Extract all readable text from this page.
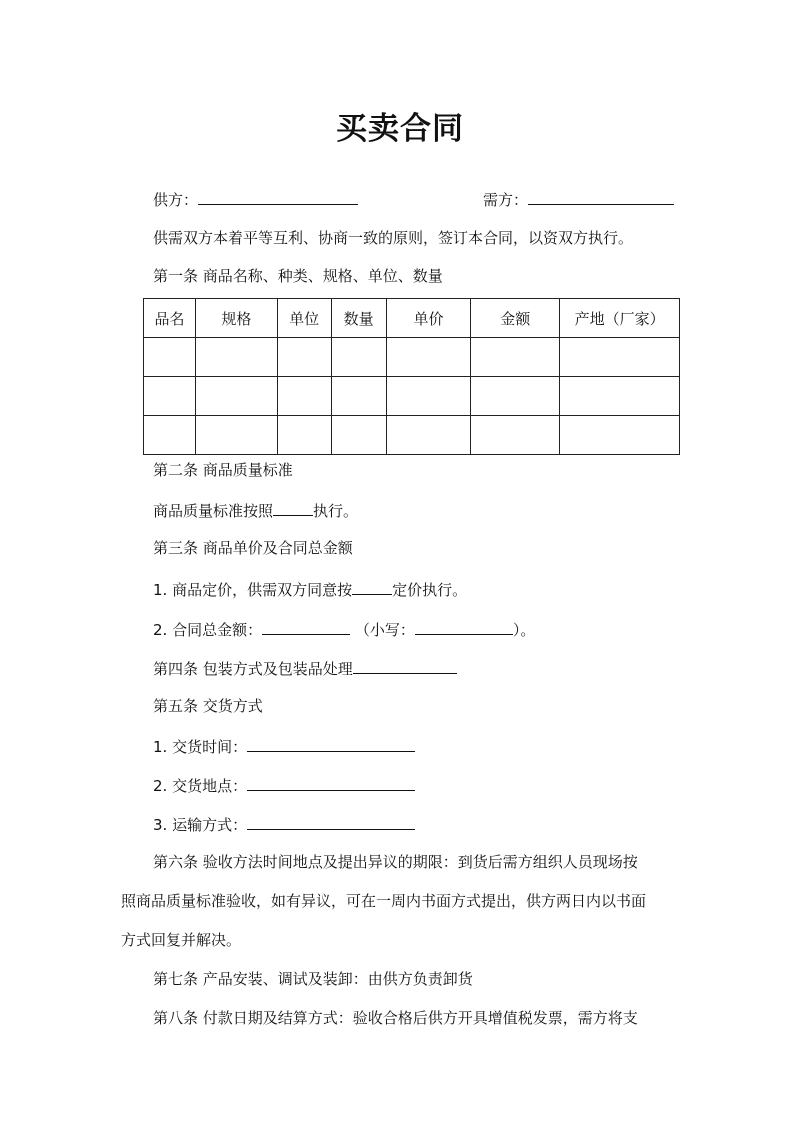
买卖合同
供方：	需方：
供需双方本着平等互利、协商一致的原则，签订本合同，以资双方执行。
第一条 商品名称、种类、规格、单位、数量
品名	规格	单位	数量	单价	金额	产地（厂家）

第二条 商品质量标准
商品质量标准按照	执行。
第三条 商品单价及合同总金额
1. 商品定价，供需双方同意按	定价执行。
2. 合同总金额：	（小写：	）。
第四条 包装方式及包装品处理
第五条 交货方式
1. 交货时间：
2. 交货地点：
3. 运输方式：
第六条 验收方法时间地点及提出异议的期限：到货后需方组织人员现场按
照商品质量标准验收，如有异议，可在一周内书面方式提出，供方两日内以书面
方式回复并解决。
第七条 产品安装、调试及装卸：由供方负责卸货
第八条 付款日期及结算方式：验收合格后供方开具增值税发票，需方将支
